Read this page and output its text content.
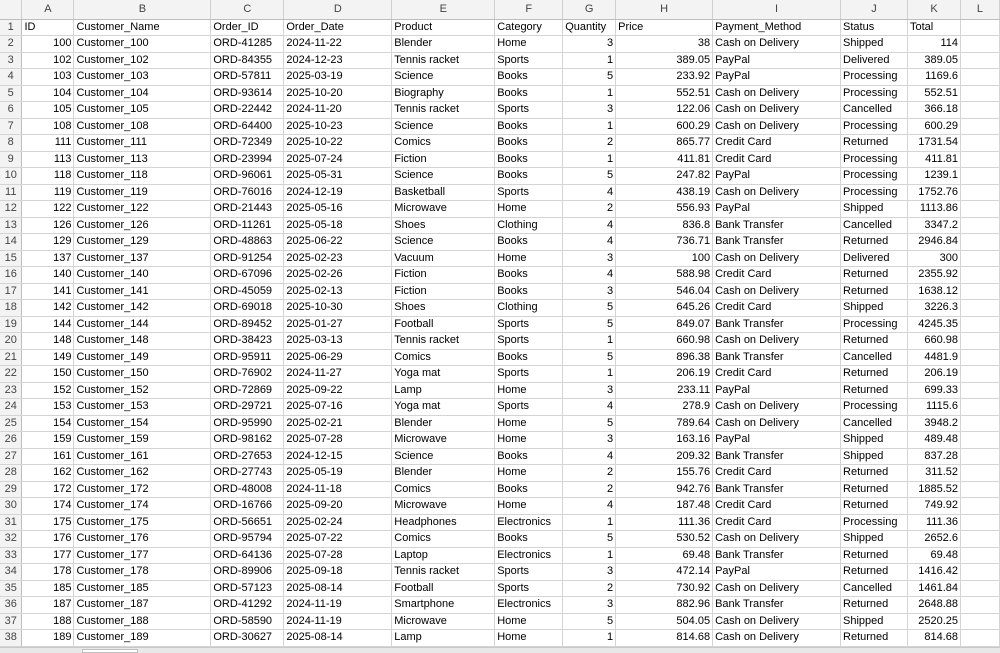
	A	B	C	D	E	F	G	H	I	J	K	L
1	ID	Customer_Name	Order_ID	Order_Date	Product	Category	Quantity	Price	Payment_Method	Status	Total	
2	100	Customer_100	ORD-41285	2024-11-22	Blender	Home	3	38	Cash on Delivery	Shipped	114	
3	102	Customer_102	ORD-84355	2024-12-23	Tennis racket	Sports	1	389.05	PayPal	Delivered	389.05	
4	103	Customer_103	ORD-57811	2025-03-19	Science	Books	5	233.92	PayPal	Processing	1169.6	
5	104	Customer_104	ORD-93614	2025-10-20	Biography	Books	1	552.51	Cash on Delivery	Processing	552.51	
6	105	Customer_105	ORD-22442	2024-11-20	Tennis racket	Sports	3	122.06	Cash on Delivery	Cancelled	366.18	
7	108	Customer_108	ORD-64400	2025-10-23	Science	Books	1	600.29	Cash on Delivery	Processing	600.29	
8	111	Customer_111	ORD-72349	2025-10-22	Comics	Books	2	865.77	Credit Card	Returned	1731.54	
9	113	Customer_113	ORD-23994	2025-07-24	Fiction	Books	1	411.81	Credit Card	Processing	411.81	
10	118	Customer_118	ORD-96061	2025-05-31	Science	Books	5	247.82	PayPal	Processing	1239.1	
11	119	Customer_119	ORD-76016	2024-12-19	Basketball	Sports	4	438.19	Cash on Delivery	Processing	1752.76	
12	122	Customer_122	ORD-21443	2025-05-16	Microwave	Home	2	556.93	PayPal	Shipped	1113.86	
13	126	Customer_126	ORD-11261	2025-05-18	Shoes	Clothing	4	836.8	Bank Transfer	Cancelled	3347.2	
14	129	Customer_129	ORD-48863	2025-06-22	Science	Books	4	736.71	Bank Transfer	Returned	2946.84	
15	137	Customer_137	ORD-91254	2025-02-23	Vacuum	Home	3	100	Cash on Delivery	Delivered	300	
16	140	Customer_140	ORD-67096	2025-02-26	Fiction	Books	4	588.98	Credit Card	Returned	2355.92	
17	141	Customer_141	ORD-45059	2025-02-13	Fiction	Books	3	546.04	Cash on Delivery	Returned	1638.12	
18	142	Customer_142	ORD-69018	2025-10-30	Shoes	Clothing	5	645.26	Credit Card	Shipped	3226.3	
19	144	Customer_144	ORD-89452	2025-01-27	Football	Sports	5	849.07	Bank Transfer	Processing	4245.35	
20	148	Customer_148	ORD-38423	2025-03-13	Tennis racket	Sports	1	660.98	Cash on Delivery	Returned	660.98	
21	149	Customer_149	ORD-95911	2025-06-29	Comics	Books	5	896.38	Bank Transfer	Cancelled	4481.9	
22	150	Customer_150	ORD-76902	2024-11-27	Yoga mat	Sports	1	206.19	Credit Card	Returned	206.19	
23	152	Customer_152	ORD-72869	2025-09-22	Lamp	Home	3	233.11	PayPal	Returned	699.33	
24	153	Customer_153	ORD-29721	2025-07-16	Yoga mat	Sports	4	278.9	Cash on Delivery	Processing	1115.6	
25	154	Customer_154	ORD-95990	2025-02-21	Blender	Home	5	789.64	Cash on Delivery	Cancelled	3948.2	
26	159	Customer_159	ORD-98162	2025-07-28	Microwave	Home	3	163.16	PayPal	Shipped	489.48	
27	161	Customer_161	ORD-27653	2024-12-15	Science	Books	4	209.32	Bank Transfer	Shipped	837.28	
28	162	Customer_162	ORD-27743	2025-05-19	Blender	Home	2	155.76	Credit Card	Returned	311.52	
29	172	Customer_172	ORD-48008	2024-11-18	Comics	Books	2	942.76	Bank Transfer	Returned	1885.52	
30	174	Customer_174	ORD-16766	2025-09-20	Microwave	Home	4	187.48	Credit Card	Returned	749.92	
31	175	Customer_175	ORD-56651	2025-02-24	Headphones	Electronics	1	111.36	Credit Card	Processing	111.36	
32	176	Customer_176	ORD-95794	2025-07-22	Comics	Books	5	530.52	Cash on Delivery	Shipped	2652.6	
33	177	Customer_177	ORD-64136	2025-07-28	Laptop	Electronics	1	69.48	Bank Transfer	Returned	69.48	
34	178	Customer_178	ORD-89906	2025-09-18	Tennis racket	Sports	3	472.14	PayPal	Returned	1416.42	
35	185	Customer_185	ORD-57123	2025-08-14	Football	Sports	2	730.92	Cash on Delivery	Cancelled	1461.84	
36	187	Customer_187	ORD-41292	2024-11-19	Smartphone	Electronics	3	882.96	Bank Transfer	Returned	2648.88	
37	188	Customer_188	ORD-58590	2024-11-19	Microwave	Home	5	504.05	Cash on Delivery	Shipped	2520.25	
38	189	Customer_189	ORD-30627	2025-08-14	Lamp	Home	1	814.68	Cash on Delivery	Returned	814.68	
